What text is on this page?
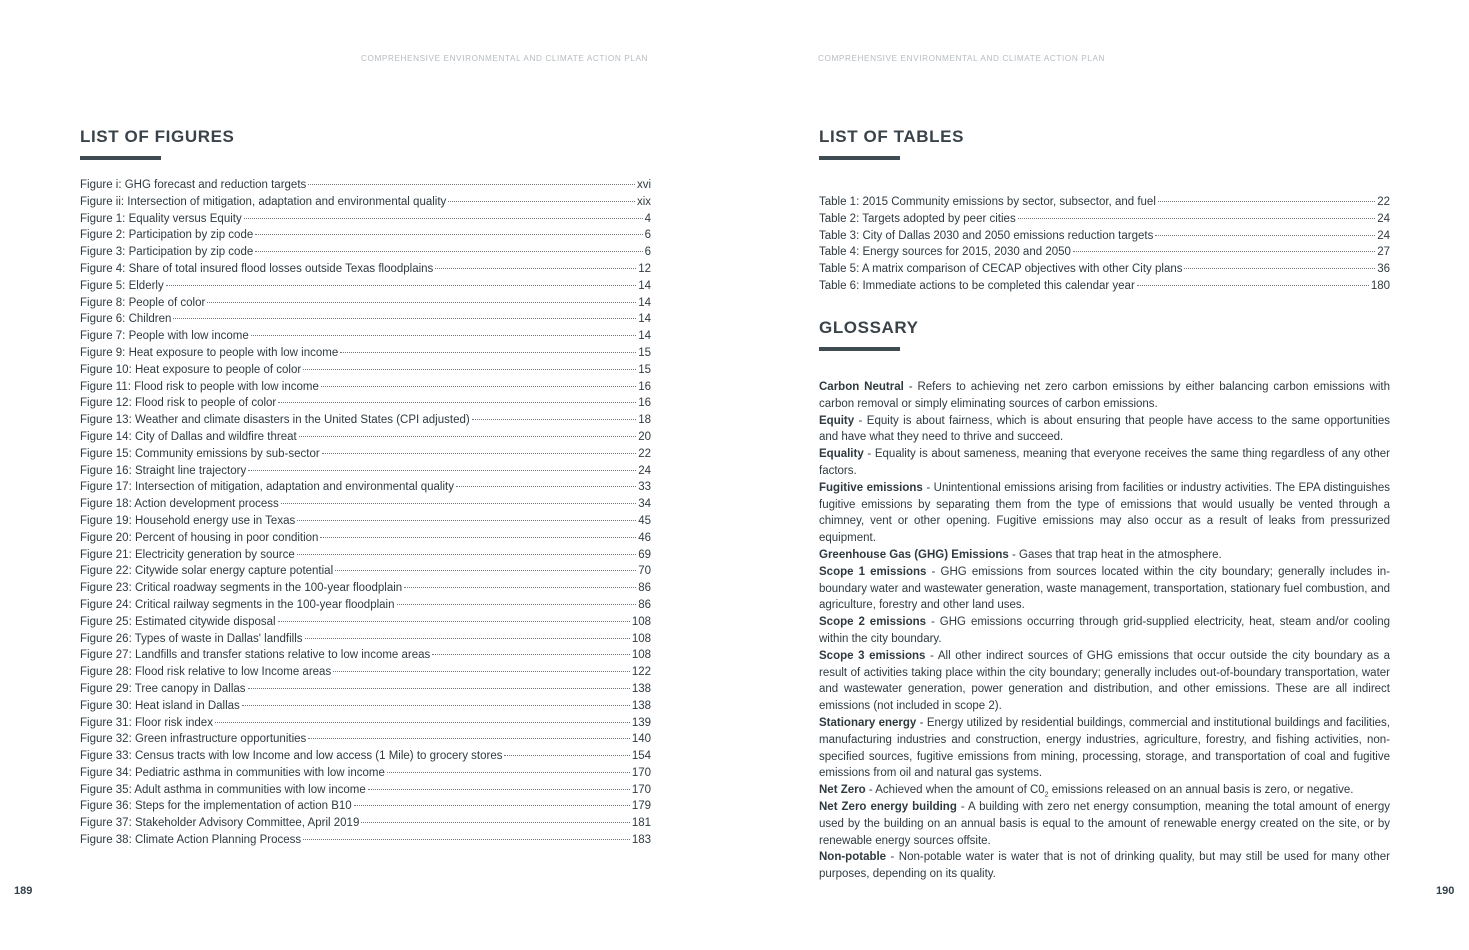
COMPREHENSIVE ENVIRONMENTAL AND CLIMATE ACTION PLAN
LIST OF FIGURES
Figure i: GHG forecast and reduction targets	xvi
Figure ii: Intersection of mitigation, adaptation and environmental quality	xix
Figure 1: Equality versus Equity	4
Figure 2: Participation by zip code	6
Figure 3: Participation by zip code	6
Figure 4: Share of total insured flood losses outside Texas floodplains	12
Figure 5: Elderly	14
Figure 8: People of color	14
Figure 6: Children	14
Figure 7: People with low income	14
Figure 9: Heat exposure to people with low income	15
Figure 10: Heat exposure to people of color	15
Figure 11: Flood risk to people with low income	16
Figure 12: Flood risk to people of color	16
Figure 13: Weather and climate disasters in the United States (CPI adjusted)	18
Figure 14: City of Dallas and wildfire threat	20
Figure 15: Community emissions by sub-sector	22
Figure 16: Straight line trajectory	24
Figure 17: Intersection of mitigation, adaptation and environmental quality	33
Figure 18: Action development process	34
Figure 19: Household energy use in Texas	45
Figure 20: Percent of housing in poor condition	46
Figure 21: Electricity generation by source	69
Figure 22: Citywide solar energy capture potential	70
Figure 23: Critical roadway segments in the 100-year floodplain	86
Figure 24: Critical railway segments in the 100-year floodplain	86
Figure 25: Estimated citywide disposal	108
Figure 26: Types of waste in Dallas' landfills	108
Figure 27: Landfills and transfer stations relative to low income areas	108
Figure 28: Flood risk relative to low Income areas	122
Figure 29: Tree canopy in Dallas	138
Figure 30: Heat island in Dallas	138
Figure 31: Floor risk index	139
Figure 32: Green infrastructure opportunities	140
Figure 33: Census tracts with low Income and low access (1 Mile) to grocery stores	154
Figure 34: Pediatric asthma in communities with low income	170
Figure 35: Adult asthma in communities with low income	170
Figure 36: Steps for the implementation of action B10	179
Figure 37: Stakeholder Advisory Committee, April 2019	181
Figure 38: Climate Action Planning Process	183
189
COMPREHENSIVE ENVIRONMENTAL AND CLIMATE ACTION PLAN
LIST OF TABLES
Table 1: 2015 Community emissions by sector, subsector, and fuel	22
Table 2: Targets adopted by peer cities	24
Table 3: City of Dallas 2030 and 2050 emissions reduction targets	24
Table 4: Energy sources for 2015, 2030 and 2050	27
Table 5: A matrix comparison of CECAP objectives with other City plans	36
Table 6: Immediate actions to be completed this calendar year	180
GLOSSARY

Carbon Neutral - Refers to achieving net zero carbon emissions by either balancing carbon emissions with carbon removal or simply eliminating sources of carbon emissions.

Equity - Equity is about fairness, which is about ensuring that people have access to the same opportunities and have what they need to thrive and succeed.

Equality - Equality is about sameness, meaning that everyone receives the same thing regardless of any other factors.

Fugitive emissions - Unintentional emissions arising from facilities or industry activities. The EPA distinguishes fugitive emissions by separating them from the type of emissions that would usually be vented through a chimney, vent or other opening. Fugitive emissions may also occur as a result of leaks from pressurized equipment.

Greenhouse Gas (GHG) Emissions - Gases that trap heat in the atmosphere.

Scope 1 emissions - GHG emissions from sources located within the city boundary; generally includes in-boundary water and wastewater generation, waste management, transportation, stationary fuel combustion, and agriculture, forestry and other land uses.

Scope 2 emissions - GHG emissions occurring through grid-supplied electricity, heat, steam and/or cooling within the city boundary.

Scope 3 emissions - All other indirect sources of GHG emissions that occur outside the city boundary as a result of activities taking place within the city boundary; generally includes out-of-boundary transportation, water and wastewater generation, power generation and distribution, and other emissions. These are all indirect emissions (not included in scope 2).

Stationary energy - Energy utilized by residential buildings, commercial and institutional buildings and facilities, manufacturing industries and construction, energy industries, agriculture, forestry, and fishing activities, non-specified sources, fugitive emissions from mining, processing, storage, and transportation of coal and fugitive emissions from oil and natural gas systems.

Net Zero - Achieved when the amount of $C0_2$ emissions released on an annual basis is zero, or negative.

Net Zero energy building - A building with zero net energy consumption, meaning the total amount of energy used by the building on an annual basis is equal to the amount of renewable energy created on the site, or by renewable energy sources offsite.

Non-potable - Non-potable water is water that is not of drinking quality, but may still be used for many other purposes, depending on its quality.

190
